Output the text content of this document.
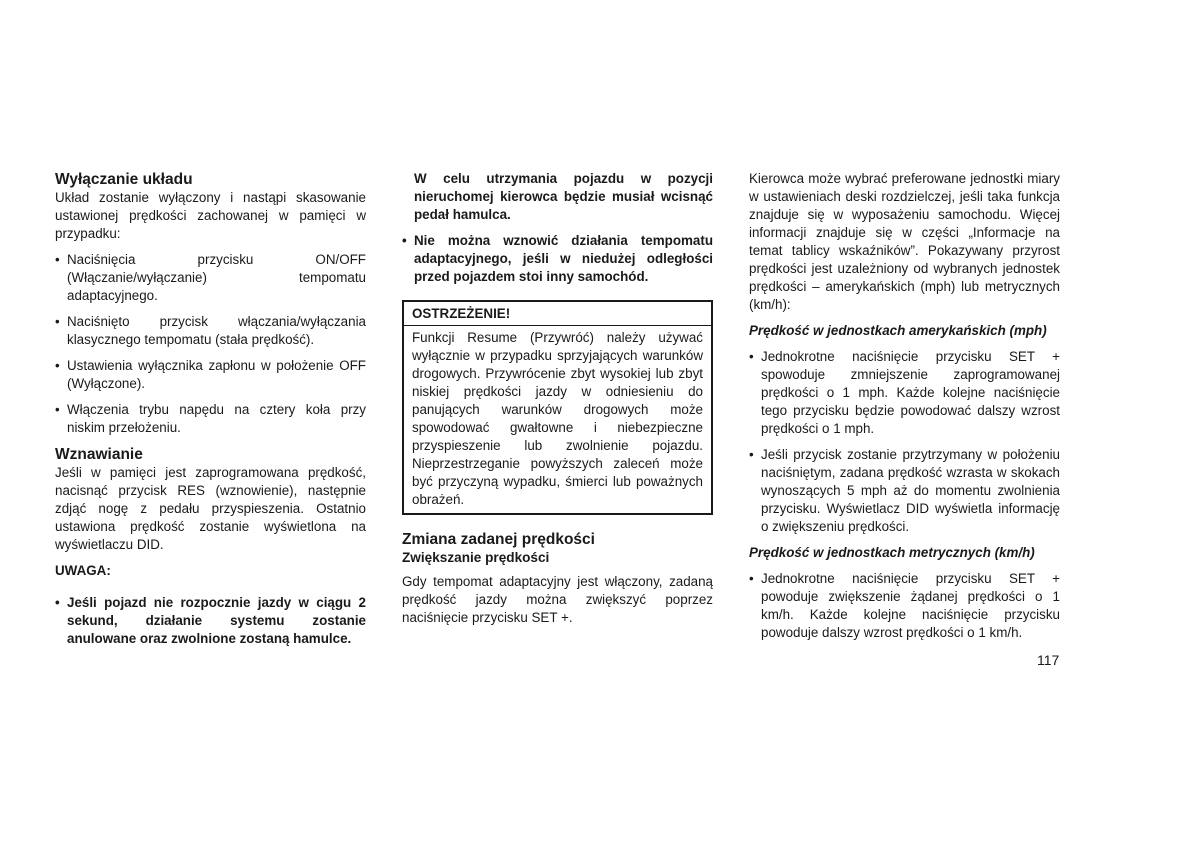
Wyłączanie układu

Układ zostanie wyłączony i nastąpi skasowanie ustawionej prędkości zachowanej w pamięci w przypadku:

• Naciśnięcia przycisku ON/OFF (Włączanie/wyłączanie) tempomatu adaptacyjnego.
• Naciśnięto przycisk włączania/wyłączania klasycznego tempomatu (stała prędkość).
• Ustawienia wyłącznika zapłonu w położenie OFF (Wyłączone).
• Włączenia trybu napędu na cztery koła przy niskim przełożeniu.
Wznawianie

Jeśli w pamięci jest zaprogramowana prędkość, nacisnąć przycisk RES (wznowienie), następnie zdjąć nogę z pedału przyspieszenia. Ostatnio ustawiona prędkość zostanie wyświetlona na wyświetlaczu DID.

UWAGA:

• Jeśli pojazd nie rozpocznie jazdy w ciągu 2 sekund, działanie systemu zostanie anulowane oraz zwolnione zostaną hamulce.

W celu utrzymania pojazdu w pozycji nieruchomej kierowca będzie musiał wcisnąć pedał hamulca.

• Nie można wznowić działania tempomatu adaptacyjnego, jeśli w niedużej odległości przed pojazdem stoi inny samochód.
OSTRZEŻENIE!
Funkcji Resume (Przywróć) należy używać wyłącznie w przypadku sprzyjających warunków drogowych. Przywrócenie zbyt wysokiej lub zbyt niskiej prędkości jazdy w odniesieniu do panujących warunków drogowych może spowodować gwałtowne i niebezpieczne przyspieszenie lub zwolnienie pojazdu. Nieprzestrzeganie powyższych zaleceń może być przyczyną wypadku, śmierci lub poważnych obrażeń.
Zmiana zadanej prędkości
Zwiększanie prędkości

Gdy tempomat adaptacyjny jest włączony, zadaną prędkość jazdy można zwiększyć poprzez naciśnięcie przycisku SET +.

Kierowca może wybrać preferowane jednostki miary w ustawieniach deski rozdzielczej, jeśli taka funkcja znajduje się w wyposażeniu samochodu. Więcej informacji znajduje się w części „Informacje na temat tablicy wskaźników”. Pokazywany przyrost prędkości jest uzależniony od wybranych jednostek prędkości – amerykańskich (mph) lub metrycznych (km/h):

Prędkość w jednostkach amerykańskich (mph)

• Jednokrotne naciśnięcie przycisku SET + spowoduje zmniejszenie zaprogramowanej prędkości o 1 mph. Każde kolejne naciśnięcie tego przycisku będzie powodować dalszy wzrost prędkości o 1 mph.
• Jeśli przycisk zostanie przytrzymany w położeniu naciśniętym, zadana prędkość wzrasta w skokach wynoszących 5 mph aż do momentu zwolnienia przycisku. Wyświetlacz DID wyświetla informację o zwiększeniu prędkości.

Prędkość w jednostkach metrycznych (km/h)

• Jednokrotne naciśnięcie przycisku SET + powoduje zwiększenie żądanej prędkości o 1 km/h. Każde kolejne naciśnięcie przycisku powoduje dalszy wzrost prędkości o 1 km/h.
117
